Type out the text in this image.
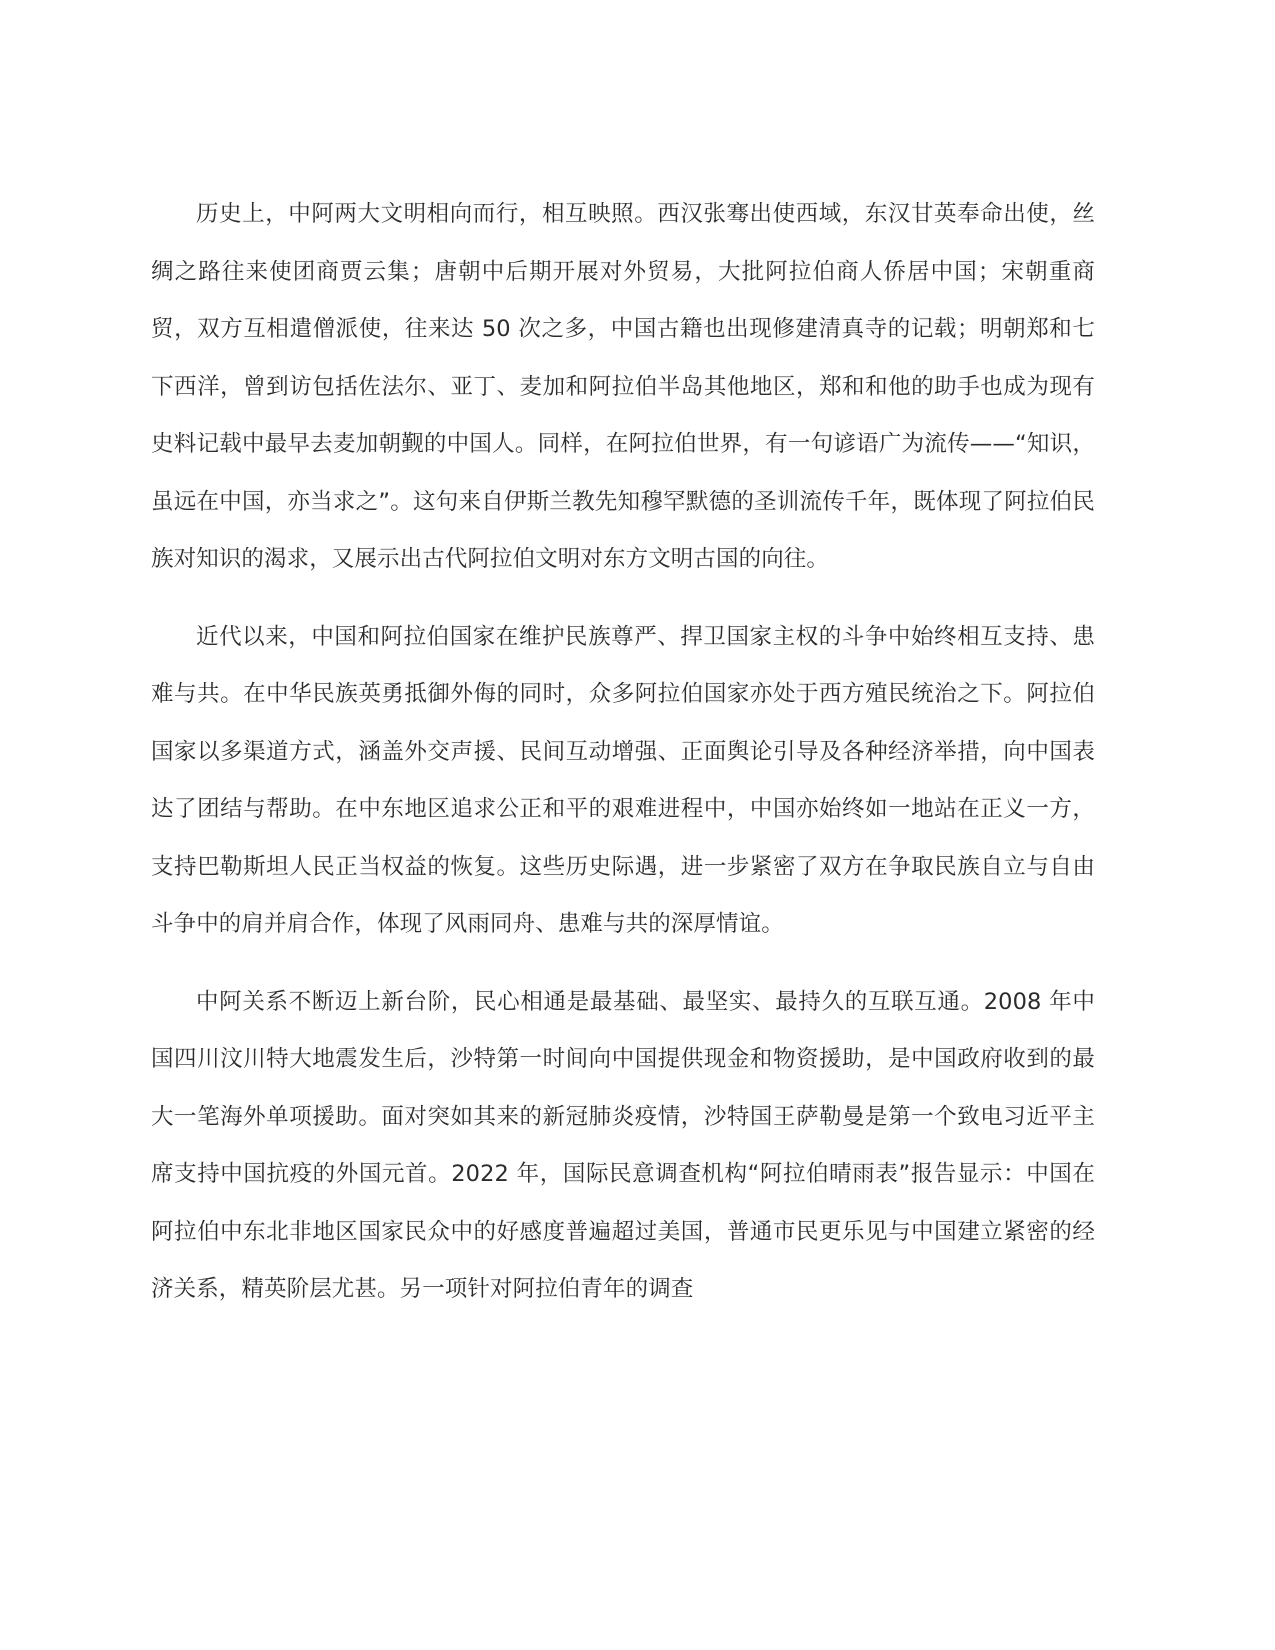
历史上，中阿两大文明相向而行，相互映照。西汉张骞出使西域，东汉甘英奉命出使，丝绸之路往来使团商贾云集；唐朝中后期开展对外贸易，大批阿拉伯商人侨居中国；宋朝重商贸，双方互相遣僧派使，往来达 50 次之多，中国古籍也出现修建清真寺的记载；明朝郑和七下西洋，曾到访包括佐法尔、亚丁、麦加和阿拉伯半岛其他地区，郑和和他的助手也成为现有史料记载中最早去麦加朝觐的中国人。同样，在阿拉伯世界，有一句谚语广为流传——“知识，虽远在中国，亦当求之”。这句来自伊斯兰教先知穆罕默德的圣训流传千年，既体现了阿拉伯民族对知识的渴求，又展示出古代阿拉伯文明对东方文明古国的向往。

近代以来，中国和阿拉伯国家在维护民族尊严、捍卫国家主权的斗争中始终相互支持、患难与共。在中华民族英勇抵御外侮的同时，众多阿拉伯国家亦处于西方殖民统治之下。阿拉伯国家以多渠道方式，涵盖外交声援、民间互动增强、正面舆论引导及各种经济举措，向中国表达了团结与帮助。在中东地区追求公正和平的艰难进程中，中国亦始终如一地站在正义一方，支持巴勒斯坦人民正当权益的恢复。这些历史际遇，进一步紧密了双方在争取民族自立与自由斗争中的肩并肩合作，体现了风雨同舟、患难与共的深厚情谊。

中阿关系不断迈上新台阶，民心相通是最基础、最坚实、最持久的互联互通。2008 年中国四川汶川特大地震发生后，沙特第一时间向中国提供现金和物资援助，是中国政府收到的最大一笔海外单项援助。面对突如其来的新冠肺炎疫情，沙特国王萨勒曼是第一个致电习近平主席支持中国抗疫的外国元首。2022 年，国际民意调查机构“阿拉伯晴雨表”报告显示：中国在阿拉伯中东北非地区国家民众中的好感度普遍超过美国，普通市民更乐见与中国建立紧密的经济关系，精英阶层尤甚。另一项针对阿拉伯青年的调查
